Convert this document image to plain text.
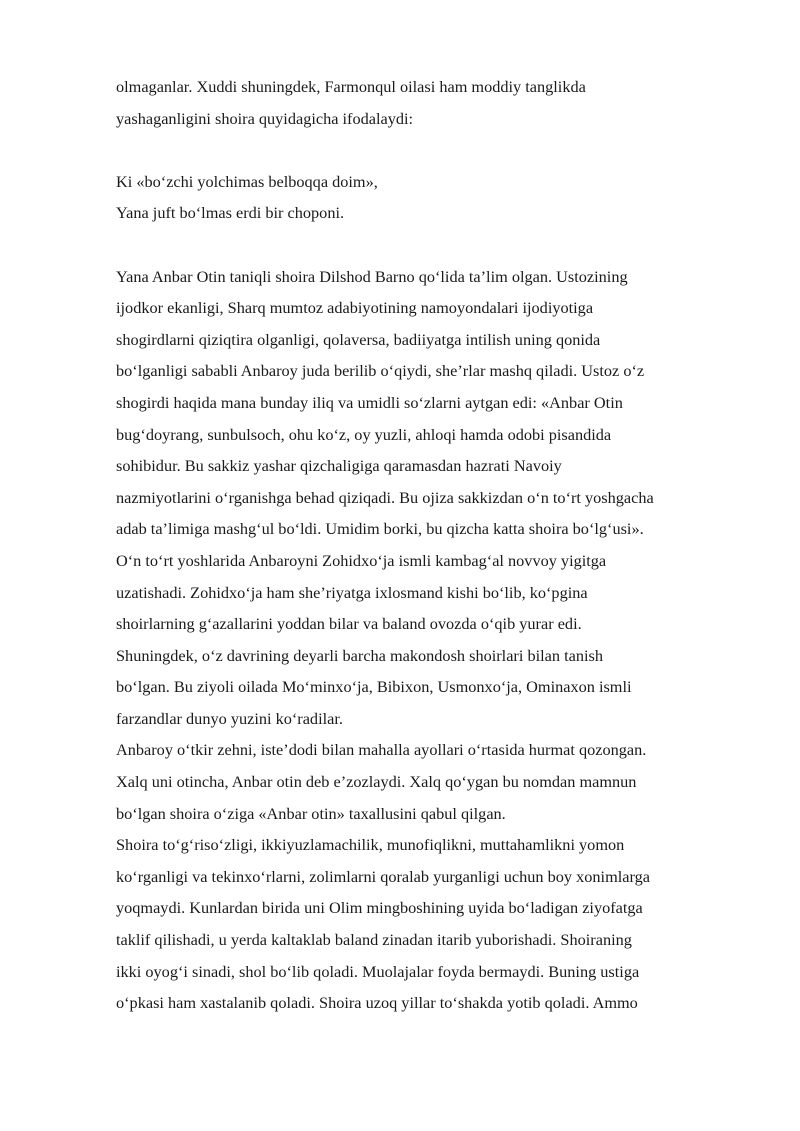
olmaganlar. Xuddi shuningdek, Farmonqul oilasi ham moddiy tanglikda
yashaganligini shoira quyidagicha ifodalaydi:

Ki «bo‘zchi yolchimas belboqqa doim»,
Yana juft bo‘lmas erdi bir choponi.

Yana Anbar Otin taniqli shoira Dilshod Barno qo‘lida ta’lim olgan. Ustozining
ijodkor ekanligi, Sharq mumtoz adabiyotining namoyondalari ijodiyotiga
shogirdlarni qiziqtira olganligi, qolaversa, badiiyatga intilish uning qonida
bo‘lganligi sababli Anbaroy juda berilib o‘qiydi, she’rlar mashq qiladi. Ustoz o‘z
shogirdi haqida mana bunday iliq va umidli so‘zlarni aytgan edi: «Anbar Otin
bug‘doyrang, sunbulsoch, ohu ko‘z, oy yuzli, ahloqi hamda odobi pisandida
sohibidur. Bu sakkiz yashar qizchaligiga qaramasdan hazrati Navoiy
nazmiyotlarini o‘rganishga behad qiziqadi. Bu ojiza sakkizdan o‘n to‘rt yoshgacha
adab ta’limiga mashg‘ul bo‘ldi. Umidim borki, bu qizcha katta shoira bo‘lg‘usi».
O‘n to‘rt yoshlarida Anbaroyni Zohidxo‘ja ismli kambag‘al novvoy yigitga
uzatishadi. Zohidxo‘ja ham she’riyatga ixlosmand kishi bo‘lib, ko‘pgina
shoirlarning g‘azallarini yoddan bilar va baland ovozda o‘qib yurar edi.
Shuningdek, o‘z davrining deyarli barcha makondosh shoirlari bilan tanish
bo‘lgan. Bu ziyoli oilada Mo‘minxo‘ja, Bibixon, Usmonxo‘ja, Ominaxon ismli
farzandlar dunyo yuzini ko‘radilar.
Anbaroy o‘tkir zehni, iste’dodi bilan mahalla ayollari o‘rtasida hurmat qozongan.
Xalq uni otincha, Anbar otin deb e’zozlaydi. Xalq qo‘ygan bu nomdan mamnun
bo‘lgan shoira o‘ziga «Anbar otin» taxallusini qabul qilgan.
Shoira to‘g‘riso‘zligi, ikkiyuzlamachilik, munofiqlikni, muttahamlikni yomon
ko‘rganligi va tekinxo‘rlarni, zolimlarni qoralab yurganligi uchun boy xonimlarga
yoqmaydi. Kunlardan birida uni Olim mingboshining uyida bo‘ladigan ziyofatga
taklif qilishadi, u yerda kaltaklab baland zinadan itarib yuborishadi. Shoiraning
ikki oyog‘i sinadi, shol bo‘lib qoladi. Muolajalar foyda bermaydi. Buning ustiga
o‘pkasi ham xastalanib qoladi. Shoira uzoq yillar to‘shakda yotib qoladi. Ammo
